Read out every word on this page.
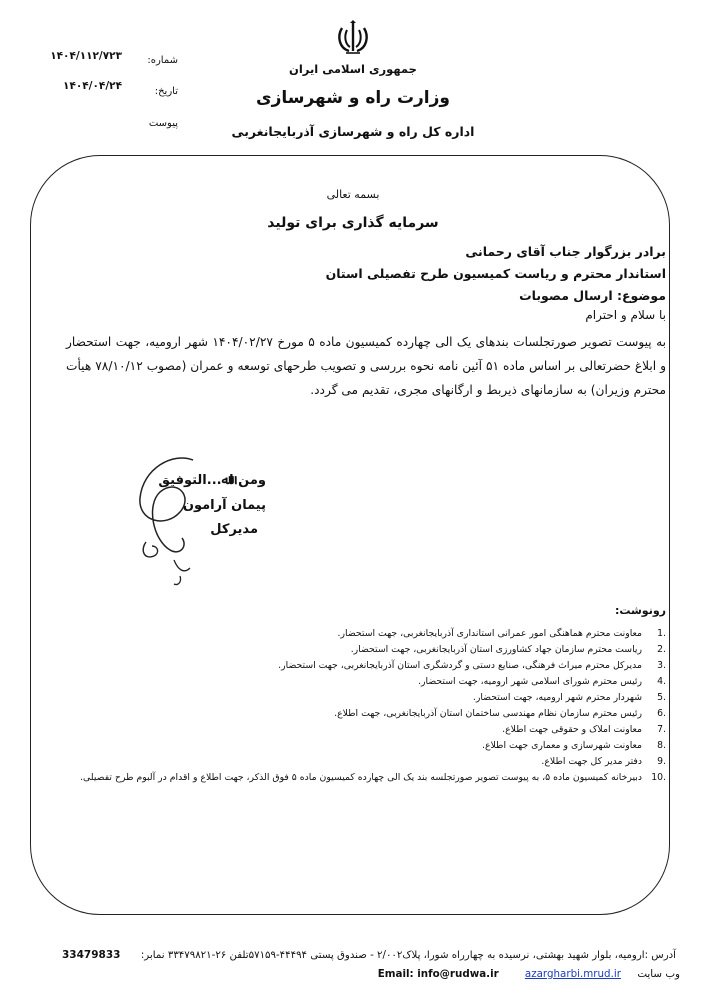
جمهوری اسلامی ایران
وزارت راه و شهرسازی
اداره کل راه و شهرسازی آذربایجانغربی
شماره:
۱۴۰۴/۱۱۲/۷۲۳
تاریخ:
۱۴۰۴/۰۴/۲۴
پیوست
بسمه تعالی
سرمایه گذاری برای تولید
برادر بزرگوار جناب آقای رحمانی
استاندار محترم و ریاست کمیسیون طرح تفصیلی استان
موضوع: ارسال مصوبات
با سلام و احترام
به پیوست تصویر صورتجلسات بندهای یک الی چهارده کمیسیون ماده ۵ مورخ ۱۴۰۴/۰۲/۲۷ شهر ارومیه، جهت استحضار و ابلاغ حضرتعالی بر اساس ماده ۵۱ آئین نامه نحوه بررسی و تصویب طرحهای توسعه و عمران (مصوب ۷۸/۱۰/۱۲ هیأت محترم وزیران) به سازمانهای ذیربط و ارگانهای مجری، تقدیم می گردد.
ومن اﷲ...التوفیق
پیمان آرامون
مدیرکل
رونوشت:
.1
معاونت محترم هماهنگی امور عمرانی استانداری آذربایجانغربی، جهت استحضار.
.2
ریاست محترم سازمان جهاد کشاورزی استان آذربایجانغربی، جهت استحضار.
.3
مدیرکل محترم میراث فرهنگی، صنایع دستی و گردشگری استان آذربایجانغربی، جهت استحضار.
.4
رئیس محترم شورای اسلامی شهر ارومیه، جهت استحضار.
.5
شهردار محترم شهر ارومیه، جهت استحضار.
.6
رئیس محترم سازمان نظام مهندسی ساختمان استان آذربایجانغربی، جهت اطلاع.
.7
معاونت املاک و حقوقی جهت اطلاع.
.8
معاونت شهرسازی و معماری جهت اطلاع.
.9
دفتر مدیر کل جهت اطلاع.
.10
دبیرخانه کمیسیون ماده ۵، به پیوست تصویر صورتجلسه بند یک الی چهارده کمیسیون ماده ۵ فوق الذکر، جهت اطلاع و اقدام در آلبوم طرح تفصیلی.
آدرس :ارومیه، بلوار شهید بهشتی، نرسیده به چهارراه شورا، پلاک۲/۰۰۲ - صندوق پستی ۴۴۴۹۴-۵۷۱۵۹تلفن ۲۶-۳۳۴۷۹۸۲۱ نمابر:
33479833
وب سایت     azargharbi.mrud.ir        Email: info@rudwa.ir
